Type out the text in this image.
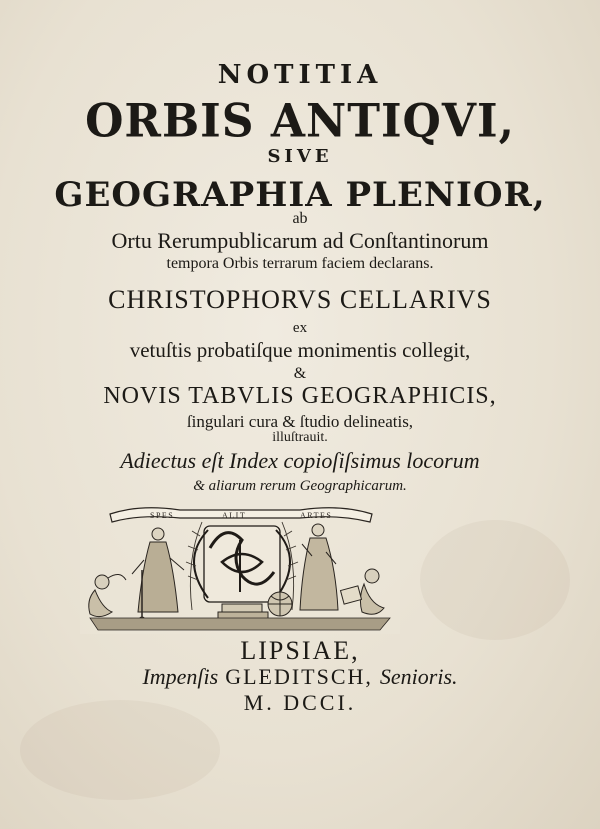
NOTITIA
ORBIS ANTIQVI,
SIVE
GEOGRAPHIA PLENIOR,
ab
Ortu Rerumpublicarum ad Conſtantinorum
tempora Orbis terrarum faciem declarans.
CHRISTOPHORVS CELLARIVS
ex
vetuſtis probatiſque monimentis collegit,
&
NOVIS TABVLIS GEOGRAPHICIS,
ſingulari cura & ſtudio delineatis,
illuſtrauit.
Adiectus eſt Index copioſiſsimus locorum
& aliarum rerum Geographicarum.
SPES	ALIT	ARTES
LIPSIAE,
Impenſis GLEDITSCH, Senioris.
M. DCCI.
